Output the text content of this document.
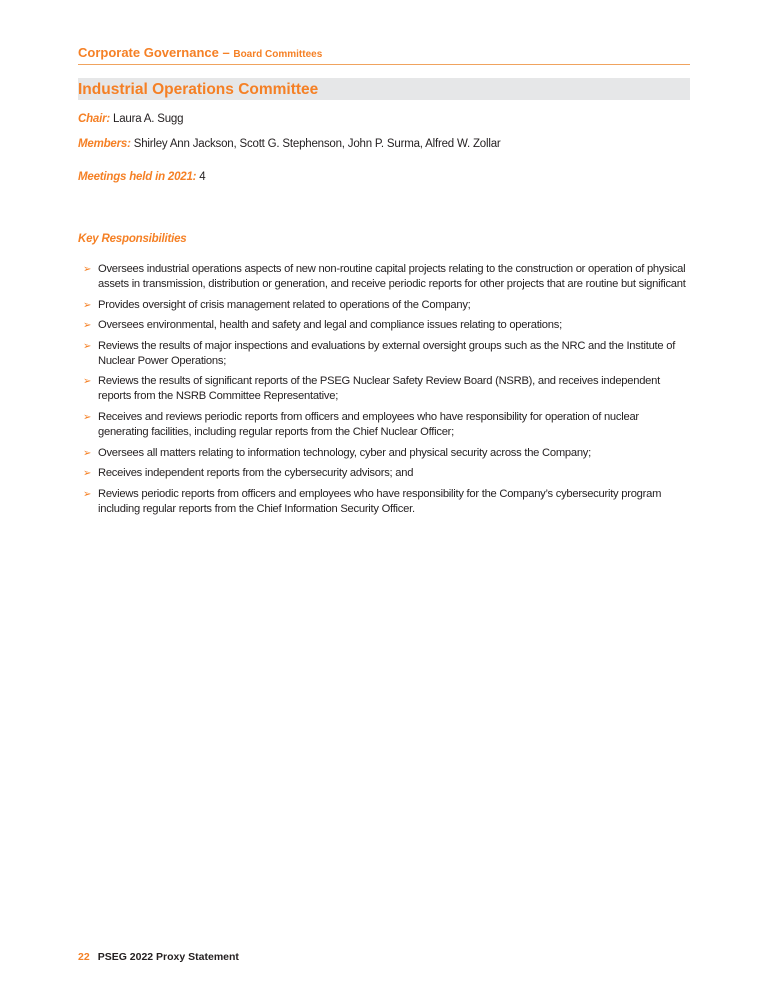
Corporate Governance – Board Committees
Industrial Operations Committee
Chair: Laura A. Sugg
Members: Shirley Ann Jackson, Scott G. Stephenson, John P. Surma, Alfred W. Zollar
Meetings held in 2021: 4
Key Responsibilities
➢ Oversees industrial operations aspects of new non-routine capital projects relating to the construction or operation of physical assets in transmission, distribution or generation, and receive periodic reports for other projects that are routine but significant
➢ Provides oversight of crisis management related to operations of the Company;
➢ Oversees environmental, health and safety and legal and compliance issues relating to operations;
➢ Reviews the results of major inspections and evaluations by external oversight groups such as the NRC and the Institute of Nuclear Power Operations;
➢ Reviews the results of significant reports of the PSEG Nuclear Safety Review Board (NSRB), and receives independent reports from the NSRB Committee Representative;
➢ Receives and reviews periodic reports from officers and employees who have responsibility for operation of nuclear generating facilities, including regular reports from the Chief Nuclear Officer;
➢ Oversees all matters relating to information technology, cyber and physical security across the Company;
➢ Receives independent reports from the cybersecurity advisors; and
➢ Reviews periodic reports from officers and employees who have responsibility for the Company’s cybersecurity program including regular reports from the Chief Information Security Officer.
22 PSEG 2022 Proxy Statement
